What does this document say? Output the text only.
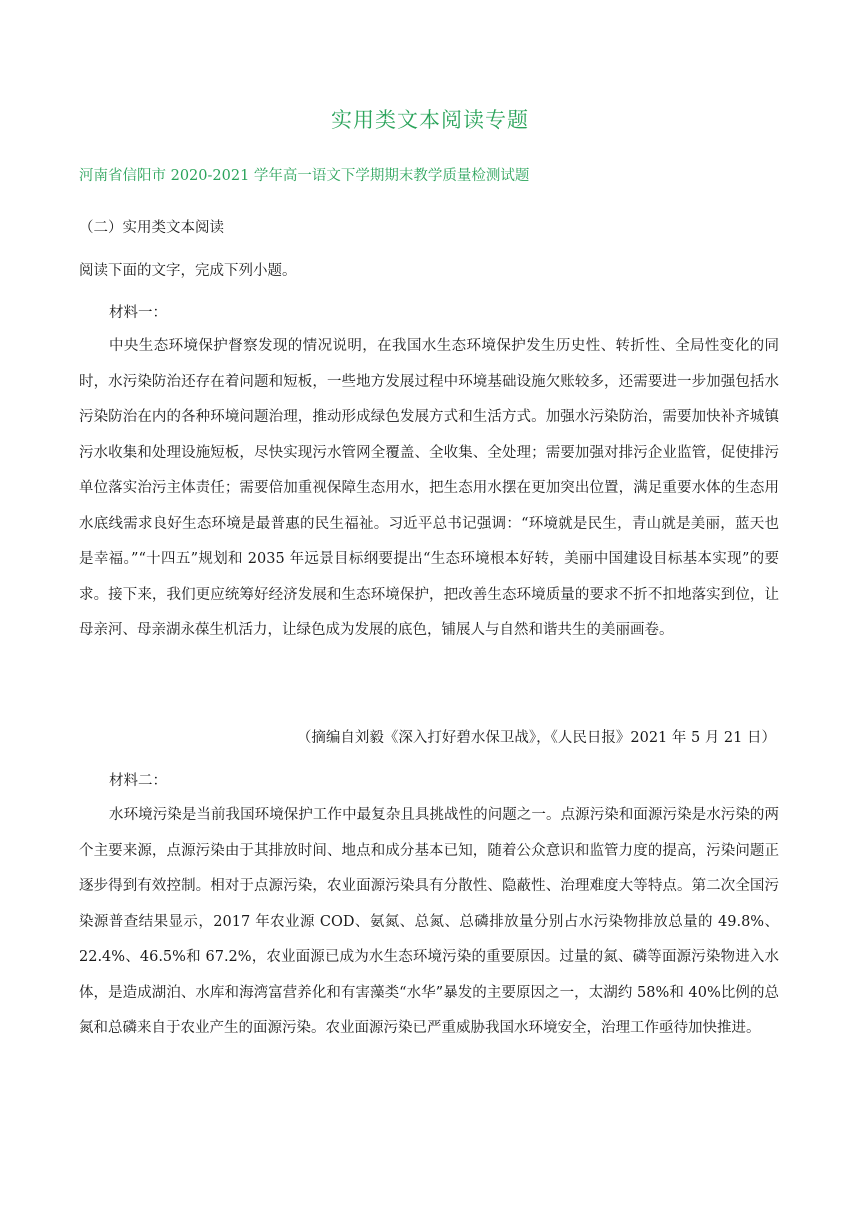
实用类文本阅读专题
河南省信阳市 2020-2021 学年高一语文下学期期末教学质量检测试题
（二）实用类文本阅读
阅读下面的文字，完成下列小题。
材料一：

中央生态环境保护督察发现的情况说明，在我国水生态环境保护发生历史性、转折性、全局性变化的同时，水污染防治还存在着问题和短板，一些地方发展过程中环境基础设施欠账较多，还需要进一步加强包括水污染防治在内的各种环境问题治理，推动形成绿色发展方式和生活方式。加强水污染防治，需要加快补齐城镇污水收集和处理设施短板，尽快实现污水管网全覆盖、全收集、全处理；需要加强对排污企业监管，促使排污单位落实治污主体责任；需要倍加重视保障生态用水，把生态用水摆在更加突出位置，满足重要水体的生态用水底线需求良好生态环境是最普惠的民生福祉。习近平总书记强调：“环境就是民生，青山就是美丽，蓝天也是幸福。”“十四五”规划和 2035 年远景目标纲要提出“生态环境根本好转，美丽中国建设目标基本实现”的要求。接下来，我们更应统筹好经济发展和生态环境保护，把改善生态环境质量的要求不折不扣地落实到位，让母亲河、母亲湖永葆生机活力，让绿色成为发展的底色，铺展人与自然和谐共生的美丽画卷。

（摘编自刘毅《深入打好碧水保卫战》，《人民日报》2021 年 5 月 21 日）
材料二：

水环境污染是当前我国环境保护工作中最复杂且具挑战性的问题之一。点源污染和面源污染是水污染的两个主要来源，点源污染由于其排放时间、地点和成分基本已知，随着公众意识和监管力度的提高，污染问题正逐步得到有效控制。相对于点源污染，农业面源污染具有分散性、隐蔽性、治理难度大等特点。第二次全国污染源普查结果显示，2017 年农业源 COD、氨氮、总氮、总磷排放量分别占水污染物排放总量的 49.8%、22.4%、46.5%和 67.2%，农业面源已成为水生态环境污染的重要原因。过量的氮、磷等面源污染物进入水体，是造成湖泊、水库和海湾富营养化和有害藻类“水华”暴发的主要原因之一，太湖约 58%和 40%比例的总氮和总磷来自于农业产生的面源污染。农业面源污染已严重威胁我国水环境安全，治理工作亟待加快推进。
